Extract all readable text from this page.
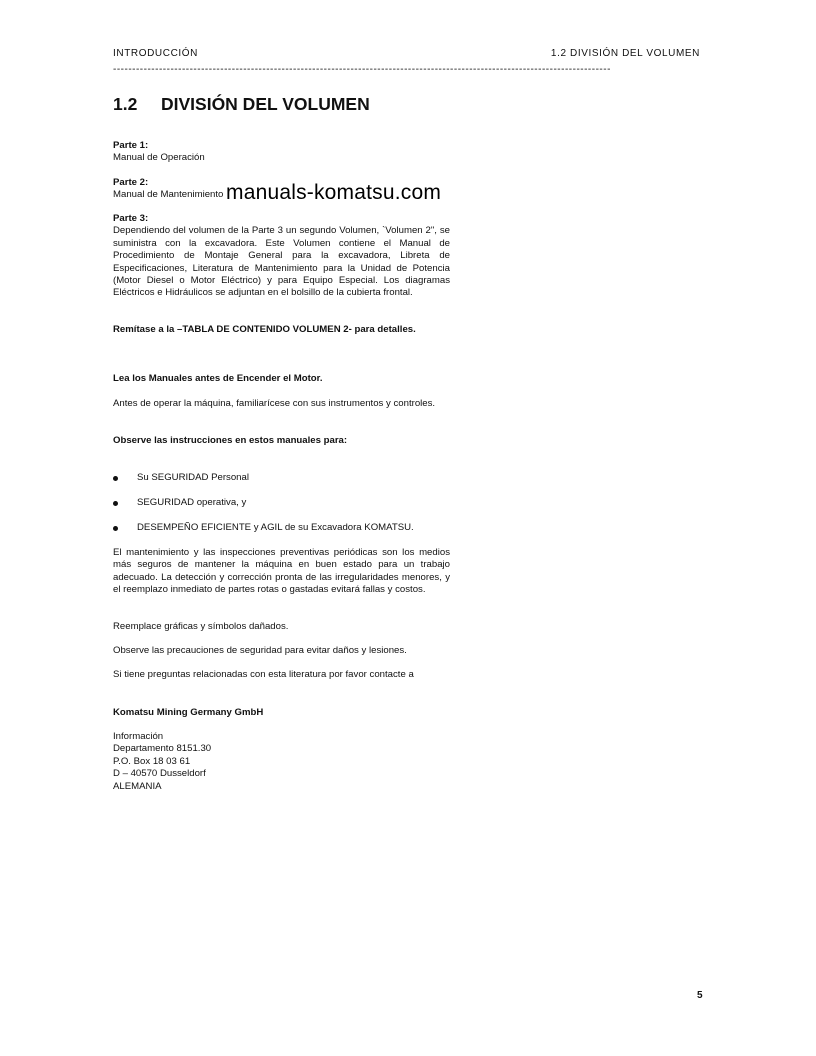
INTRODUCCIÓN	1.2 DIVISIÓN DEL VOLUMEN
----------------------------------------------------------------------------------------------------------------------------------
1.2 DIVISIÓN DEL VOLUMEN

Parte 1:

Manual de Operación

Parte 2:

Manual de Mantenimiento manuals-komatsu.com

Parte 3:

Dependiendo del volumen de la Parte 3 un segundo Volumen, `Volumen 2", se suministra con la excavadora. Este Volumen contiene el Manual de Procedimiento de Montaje General para la excavadora, Libreta de Especificaciones, Literatura de Mantenimiento para la Unidad de Potencia (Motor Diesel o Motor Eléctrico) y para Equipo Especial. Los diagramas Eléctricos e Hidráulicos se adjuntan en el bolsillo de la cubierta frontal.

Remítase a la –TABLA DE CONTENIDO VOLUMEN 2- para detalles.
Lea los Manuales antes de Encender el Motor.
Antes de operar la máquina, familiarícese con sus instrumentos y controles.
Observe las instrucciones en estos manuales para:
Su SEGURIDAD Personal
SEGURIDAD operativa, y
DESEMPEÑO EFICIENTE y AGIL de su Excavadora KOMATSU.
El mantenimiento y las inspecciones preventivas periódicas son los medios más seguros de mantener la máquina en buen estado para un trabajo adecuado. La detección y corrección pronta de las irregularidades menores, y el reemplazo inmediato de partes rotas o gastadas evitará fallas y costos.
Reemplace gráficas y símbolos dañados.
Observe las precauciones de seguridad para evitar daños y lesiones.
Si tiene preguntas relacionadas con esta literatura por favor contacte a
Komatsu Mining Germany GmbH

Información

Departamento 8151.30

P.O. Box 18 03 61

D – 40570 Dusseldorf

ALEMANIA

5
